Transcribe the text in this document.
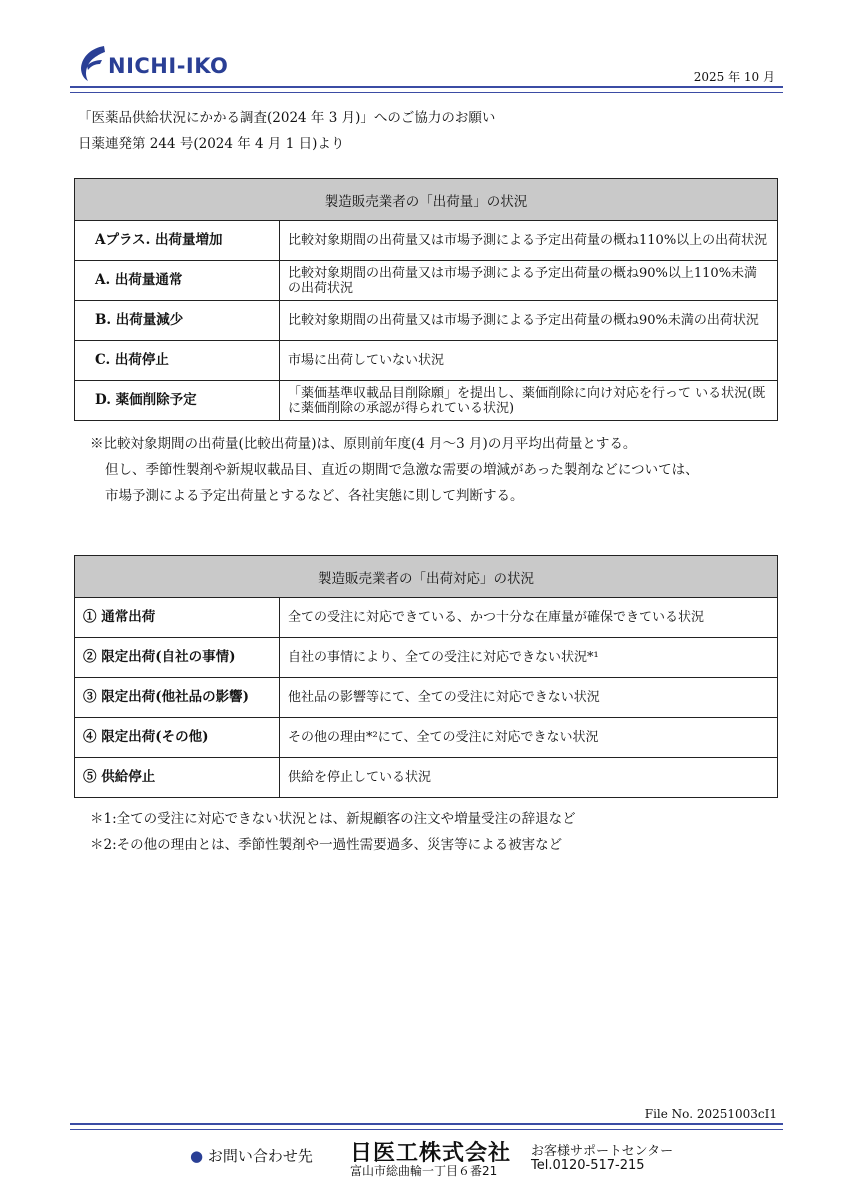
NICHI-IKO	2025 年 10 月
「医薬品供給状況にかかる調査(2024 年 3 月)」へのご協力のお願い
日薬連発第 244 号(2024 年 4 月 1 日)より
製造販売業者の「出荷量」の状況	
Aプラス. 出荷量増加	比較対象期間の出荷量又は市場予測による予定出荷量の概ね110%以上の出荷状況
A. 出荷量通常	比較対象期間の出荷量又は市場予測による予定出荷量の概ね90%以上110%未満の出荷状況
B. 出荷量減少	比較対象期間の出荷量又は市場予測による予定出荷量の概ね90%未満の出荷状況
C. 出荷停止	市場に出荷していない状況
D. 薬価削除予定	「薬価基準収載品目削除願」を提出し、薬価削除に向け対応を行って いる状況(既に薬価削除の承認が得られている状況)
※比較対象期間の出荷量(比較出荷量)は、原則前年度(4 月～3 月)の月平均出荷量とする。
但し、季節性製剤や新規収載品目、直近の期間で急激な需要の増減があった製剤などについては、
市場予測による予定出荷量とするなど、各社実態に則して判断する。
製造販売業者の「出荷対応」の状況	
① 通常出荷	全ての受注に対応できている、かつ十分な在庫量が確保できている状況
② 限定出荷(自社の事情)	自社の事情により、全ての受注に対応できない状況*¹
③ 限定出荷(他社品の影響)	他社品の影響等にて、全ての受注に対応できない状況
④ 限定出荷(その他)	その他の理由*²にて、全ての受注に対応できない状況
⑤ 供給停止	供給を停止している状況
＊1:全ての受注に対応できない状況とは、新規顧客の注文や増量受注の辞退など
＊2:その他の理由とは、季節性製剤や一過性需要過多、災害等による被害など
File No. 20251003cI1
● お問い合わせ先 日医工株式会社
富山市総曲輪一丁目６番21
お客様サポートセンター
Tel.0120-517-215
